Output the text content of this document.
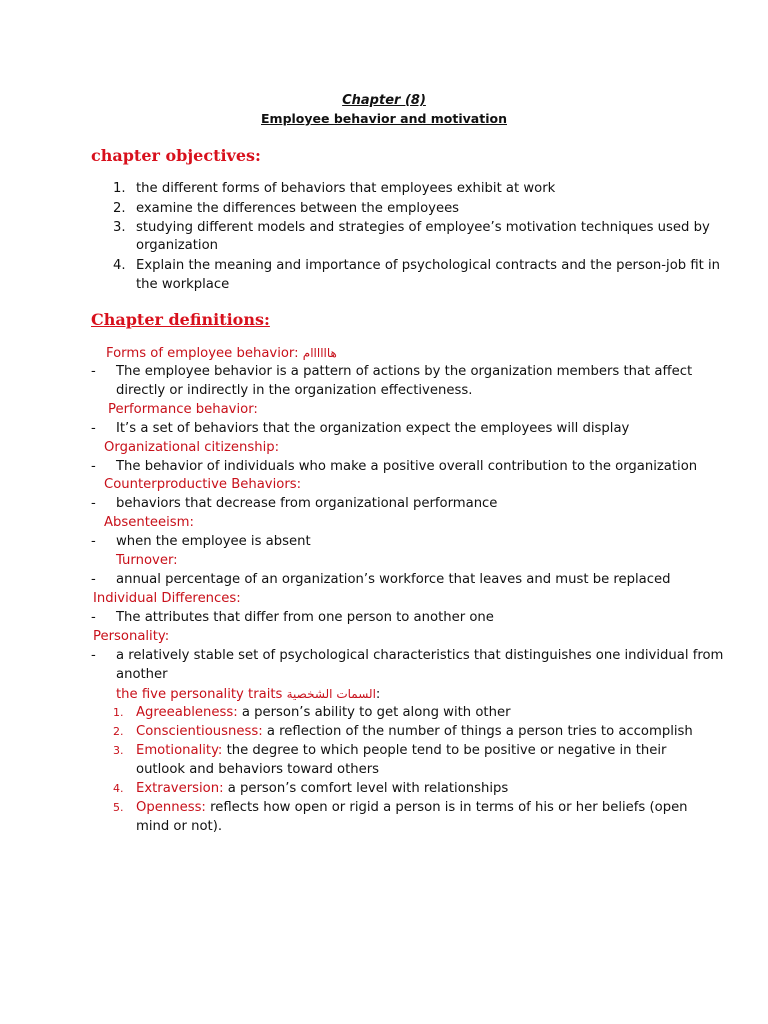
Chapter (8)
Employee behavior and motivation
chapter objectives:
1. the different forms of behaviors that employees exhibit at work
2. examine the differences between the employees
3. studying different models and strategies of employee’s motivation techniques used by
organization
4. Explain the meaning and importance of psychological contracts and the person-job fit in
the workplace
Chapter definitions:
Forms of employee behavior: هاااااام
- The employee behavior is a pattern of actions by the organization members that affect
directly or indirectly in the organization effectiveness.
Performance behavior:
- It’s a set of behaviors that the organization expect the employees will display
Organizational citizenship:
- The behavior of individuals who make a positive overall contribution to the organization
Counterproductive Behaviors:
- behaviors that decrease from organizational performance
Absenteeism:
- when the employee is absent
Turnover:
- annual percentage of an organization’s workforce that leaves and must be replaced
Individual Differences:
- The attributes that differ from one person to another one
Personality:
- a relatively stable set of psychological characteristics that distinguishes one individual from
another
the five personality traits السمات الشخصية:
1. Agreeableness: a person’s ability to get along with other
2. Conscientiousness: a reflection of the number of things a person tries to accomplish
3. Emotionality: the degree to which people tend to be positive or negative in their
outlook and behaviors toward others
4. Extraversion: a person’s comfort level with relationships
5. Openness: reflects how open or rigid a person is in terms of his or her beliefs (open
mind or not).
